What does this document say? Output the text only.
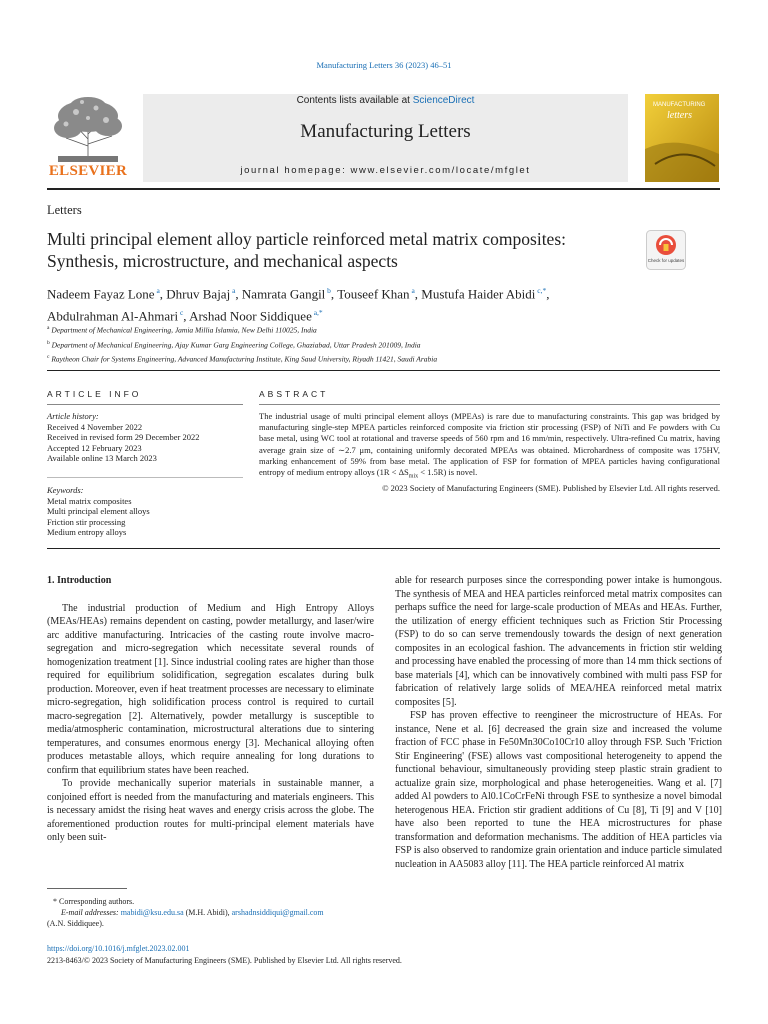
Manufacturing Letters 36 (2023) 46–51
ELSEVIER
Contents lists available at ScienceDirect
Manufacturing Letters
journal homepage: www.elsevier.com/locate/mfglet
MANUFACTURING
letters
Letters
Multi principal element alloy particle reinforced metal matrix composites: Synthesis, microstructure, and mechanical aspects	Check for updates
Nadeem Fayaz Lone $^a$, Dhruv Bajaj $^a$, Namrata Gangil $^b$, Touseef Khan $^a$, Mustufa Haider Abidi $^{c,*}$,
Abdulrahman Al-Ahmari $^c$, Arshad Noor Siddiquee $^{a,*}$
$^a$ Department of Mechanical Engineering, Jamia Millia Islamia, New Delhi 110025, India
$^b$ Department of Mechanical Engineering, Ajay Kumar Garg Engineering College, Ghaziabad, Uttar Pradesh 201009, India
$^c$ Raytheon Chair for Systems Engineering, Advanced Manufacturing Institute, King Saud University, Riyadh 11421, Saudi Arabia
ARTICLE INFO	ABSTRACT
Article history:
Received 4 November 2022
Received in revised form 29 December 2022
Accepted 12 February 2023
Available online 13 March 2023
Keywords:
Metal matrix composites
Multi principal element alloys
Friction stir processing
Medium entropy alloys

The industrial usage of multi principal element alloys (MPEAs) is rare due to manufacturing constraints. This gap was bridged by manufacturing single-step MPEA particles reinforced composite via friction stir processing (FSP) of NiTi and Fe powders with Cu base metal, using WC tool at rotational and traverse speeds of 560 rpm and 16 mm/min, respectively. Ultra-refined Cu matrix, having average grain size of ∼2.7 μm, containing uniformly decorated MPEAs was obtained. Microhardness of composite was 175HV, marking enhancement of 59% from base metal. The application of FSP for formation of MPEA particles having configurational entropy of medium entropy alloys $(1R < \Delta S_{mix} < 1.5R)$ is novel.

© 2023 Society of Manufacturing Engineers (SME). Published by Elsevier Ltd. All rights reserved.

1. Introduction

The industrial production of Medium and High Entropy Alloys (MEAs/HEAs) remains dependent on casting, powder metallurgy, and laser/wire arc additive manufacturing. Intricacies of the casting route involve macro-segregation and micro-segregation which necessitate several rounds of homogenization treatment [1]. Since industrial cooling rates are higher than those required for equilibrium solidification, segregation escalates during bulk production. Moreover, even if heat treatment processes are necessary to eliminate micro-segregation, high solidification process control is required to curtail macro-segregation [2]. Alternatively, powder metallurgy is susceptible to media/atmospheric contamination, microstructural alterations due to sintering temperatures, and consumes enormous energy [3]. Mechanical alloying often produces metastable alloys, which require annealing for long durations to confirm that equilibrium states have been reached.

To provide mechanically superior materials in sustainable manner, a conjoined effort is needed from the manufacturing and materials engineers. This is necessary amidst the rising heat waves and energy crisis across the globe. The aforementioned production routes for multi-principal element materials have only been suit-

able for research purposes since the corresponding power intake is humongous. The synthesis of MEA and HEA particles reinforced metal matrix composites can perhaps suffice the need for large-scale production of MEAs and HEAs. Further, the utilization of energy efficient techniques such as Friction Stir Processing (FSP) to do so can serve tremendously towards the design of next generation composites in an ecological fashion. The advancements in friction stir welding and processing have enabled the processing of more than 14 mm thick sections of base materials [4], which can be innovatively combined with multi pass FSP for fabrication of relatively large solids of MEA/HEA reinforced metal matrix composites [5].

FSP has proven effective to reengineer the microstructure of HEAs. For instance, Nene et al. [6] decreased the grain size and increased the volume fraction of FCC phase in Fe50Mn30Co10Cr10 alloy through FSP. Such 'Friction Stir Engineering' (FSE) allows vast compositional heterogeneity to append the functional behaviour, simultaneously providing steep plastic strain gradient to actualize grain size, morphological and phase heterogeneities. Wang et al. [7] added Al powders to Al0.1CoCrFeNi through FSE to synthesize a novel bimodal heterogenous HEA. Friction stir gradient additions of Cu [8], Ti [9] and V [10] have also been reported to tune the HEA microstructures for phase transformation and deformation mechanisms. The addition of HEA particles via FSP is also observed to randomize grain orientation and induce particle simulated nucleation in AA5083 alloy [11]. The HEA particle reinforced Al matrix

* Corresponding authors.
E-mail addresses: mabidi@ksu.edu.sa (M.H. Abidi), arshadnsiddiqui@gmail.com
(A.N. Siddiquee).
https://doi.org/10.1016/j.mfglet.2023.02.001
2213-8463/© 2023 Society of Manufacturing Engineers (SME). Published by Elsevier Ltd. All rights reserved.
